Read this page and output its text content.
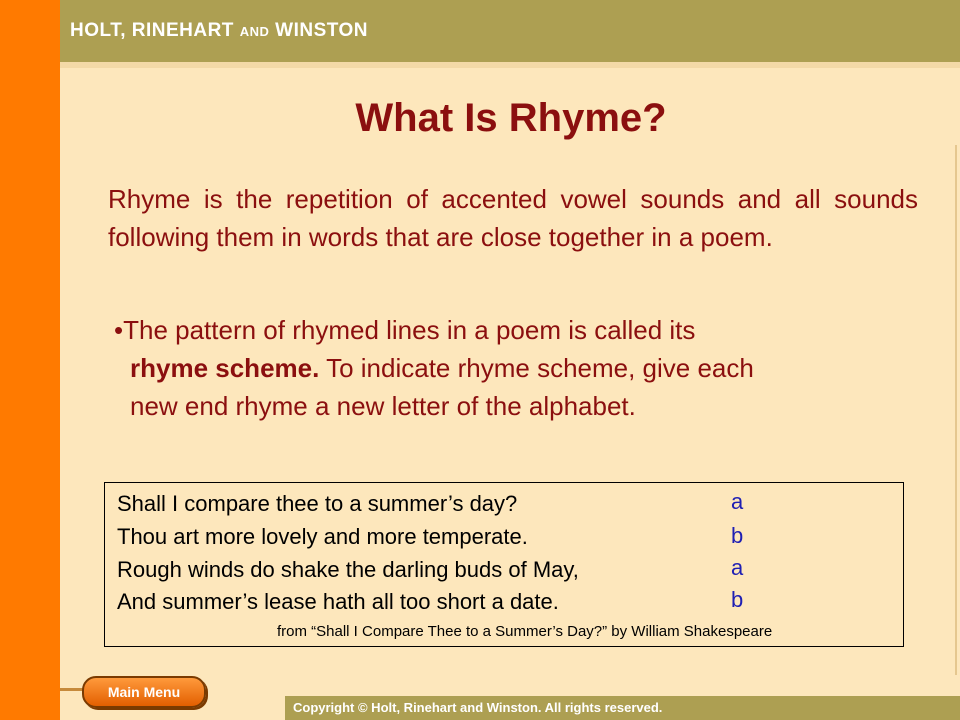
HOLT, RINEHART AND WINSTON
What Is Rhyme?
Rhyme is the repetition of accented vowel sounds and all sounds following them in words that are close together in a poem.
•The pattern of rhymed lines in a poem is called its
rhyme scheme. To indicate rhyme scheme, give each
new end rhyme a new letter of the alphabet.
Shall I compare thee to a summer’s day?
Thou art more lovely and more temperate.
Rough winds do shake the darling buds of May,
And summer’s lease hath all too short a date.
a
b
a
b
from “Shall I Compare Thee to a Summer’s Day?” by William Shakespeare
Main Menu
Copyright © Holt, Rinehart and Winston. All rights reserved.
